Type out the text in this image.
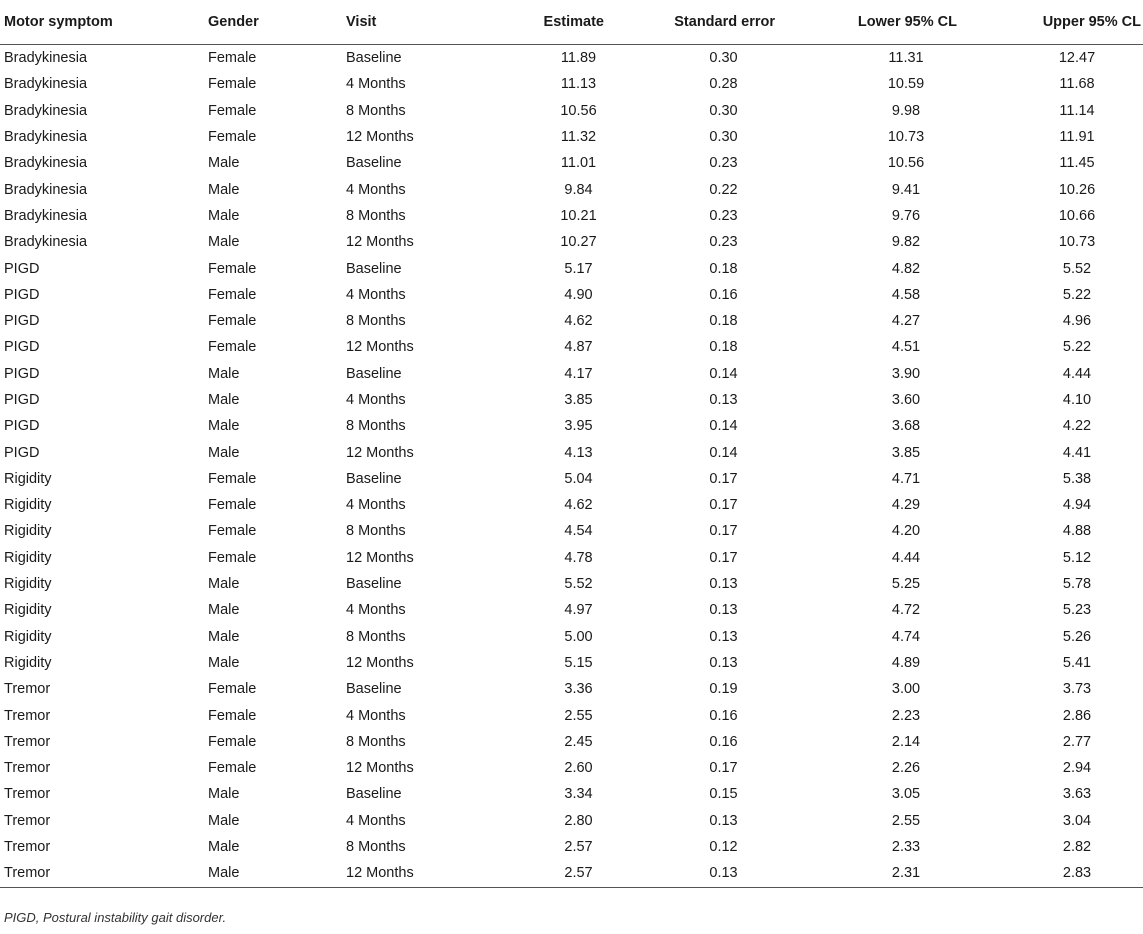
Motor symptom	Gender	Visit	Estimate	Standard error	Lower 95% CL	Upper 95% CL
Bradykinesia	Female	Baseline	11.89	0.30	11.31	12.47
Bradykinesia	Female	4 Months	11.13	0.28	10.59	11.68
Bradykinesia	Female	8 Months	10.56	0.30	9.98	11.14
Bradykinesia	Female	12 Months	11.32	0.30	10.73	11.91
Bradykinesia	Male	Baseline	11.01	0.23	10.56	11.45
Bradykinesia	Male	4 Months	9.84	0.22	9.41	10.26
Bradykinesia	Male	8 Months	10.21	0.23	9.76	10.66
Bradykinesia	Male	12 Months	10.27	0.23	9.82	10.73
PIGD	Female	Baseline	5.17	0.18	4.82	5.52
PIGD	Female	4 Months	4.90	0.16	4.58	5.22
PIGD	Female	8 Months	4.62	0.18	4.27	4.96
PIGD	Female	12 Months	4.87	0.18	4.51	5.22
PIGD	Male	Baseline	4.17	0.14	3.90	4.44
PIGD	Male	4 Months	3.85	0.13	3.60	4.10
PIGD	Male	8 Months	3.95	0.14	3.68	4.22
PIGD	Male	12 Months	4.13	0.14	3.85	4.41
Rigidity	Female	Baseline	5.04	0.17	4.71	5.38
Rigidity	Female	4 Months	4.62	0.17	4.29	4.94
Rigidity	Female	8 Months	4.54	0.17	4.20	4.88
Rigidity	Female	12 Months	4.78	0.17	4.44	5.12
Rigidity	Male	Baseline	5.52	0.13	5.25	5.78
Rigidity	Male	4 Months	4.97	0.13	4.72	5.23
Rigidity	Male	8 Months	5.00	0.13	4.74	5.26
Rigidity	Male	12 Months	5.15	0.13	4.89	5.41
Tremor	Female	Baseline	3.36	0.19	3.00	3.73
Tremor	Female	4 Months	2.55	0.16	2.23	2.86
Tremor	Female	8 Months	2.45	0.16	2.14	2.77
Tremor	Female	12 Months	2.60	0.17	2.26	2.94
Tremor	Male	Baseline	3.34	0.15	3.05	3.63
Tremor	Male	4 Months	2.80	0.13	2.55	3.04
Tremor	Male	8 Months	2.57	0.12	2.33	2.82
Tremor	Male	12 Months	2.57	0.13	2.31	2.83
PIGD, Postural instability gait disorder.
